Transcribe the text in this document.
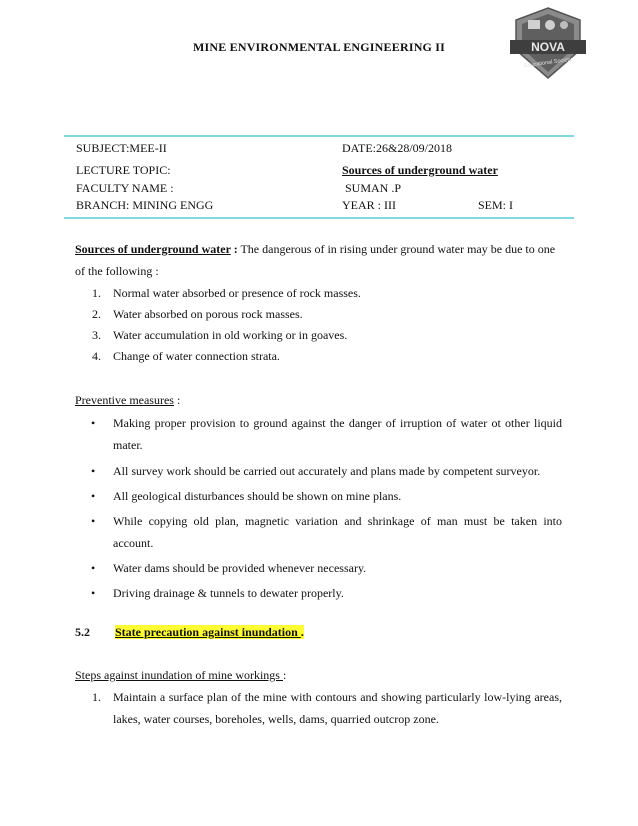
MINE ENVIRONMENTAL ENGINEERING II	NOVA
Educational Society
SUBJECT:MEE-II	DATE:26&28/09/2018
LECTURE TOPIC:	Sources of underground water
FACULTY NAME :	SUMAN .P
BRANCH: MINING ENGG	YEAR : III	SEM: I
Sources of underground water : The dangerous of in rising under ground water may be due to one of the following :
1. Normal water absorbed or presence of rock masses.
2. Water absorbed on porous rock masses.
3. Water accumulation in old working or in goaves.
4. Change of water connection strata.
Preventive measures :
• Making proper provision to ground against the danger of irruption of water ot other liquid mater.
• All survey work should be carried out accurately and plans made by competent surveyor.
• All geological disturbances should be shown on mine plans.
• While copying old plan, magnetic variation and shrinkage of man must be taken into account.
• Water dams should be provided whenever necessary.
• Driving drainage & tunnels to dewater properly.
5.2 State precaution against inundation .
Steps against inundation of mine workings :
1. Maintain a surface plan of the mine with contours and showing particularly low-lying areas, lakes, water courses, boreholes, wells, dams, quarried outcrop zone.
